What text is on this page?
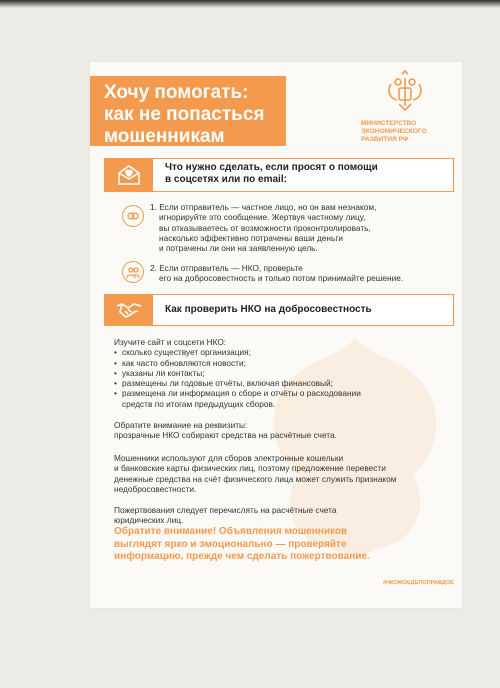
Хочу помогать:
как не попасться
мошенникам
МИНИСТЕРСТВО
ЭКОНОМИЧЕСКОГО
РАЗВИТИЯ РФ
Что нужно сделать, если просят о помощи
в соцсетях или по email:
1. Если отправитель — частное лицо, но он вам незнаком,
игнорируйте это сообщение. Жертвуя частному лицу,
вы отказываетесь от возможности проконтролировать,
насколько эффективно потрачены ваши деньги
и потрачены ли они на заявленную цель.
2. Если отправитель — НКО, проверьте
его на добросовестность и только потом принимайте решение.
Как проверить НКО на добросовестность
Изучите сайт и соцсети НКО:
• сколько существует организация;
• как часто обновляются новости;
• указаны ли контакты;
• размещены ли годовые отчёты, включая финансовый;
• размещена ли информация о сборе и отчёты о расходовании
средств по итогам предыдущих сборов.
Обратите внимание на реквизиты:
прозрачные НКО собирают средства на расчётные счета.
Мошенники используют для сборов электронные кошельки
и банковские карты физических лиц, поэтому предложение перевести
денежные средства на счёт физического лица может служить признаком
недобросовестности.
Пожертвования следует перечислять на расчётные счета
юридических лиц.
Обратите внимание! Объявления мошенников
выглядят ярко и эмоционально — проверяйте
информацию, прежде чем сделать пожертвование.
#НКОМОЕДЕЛОПРАВДОЕ
